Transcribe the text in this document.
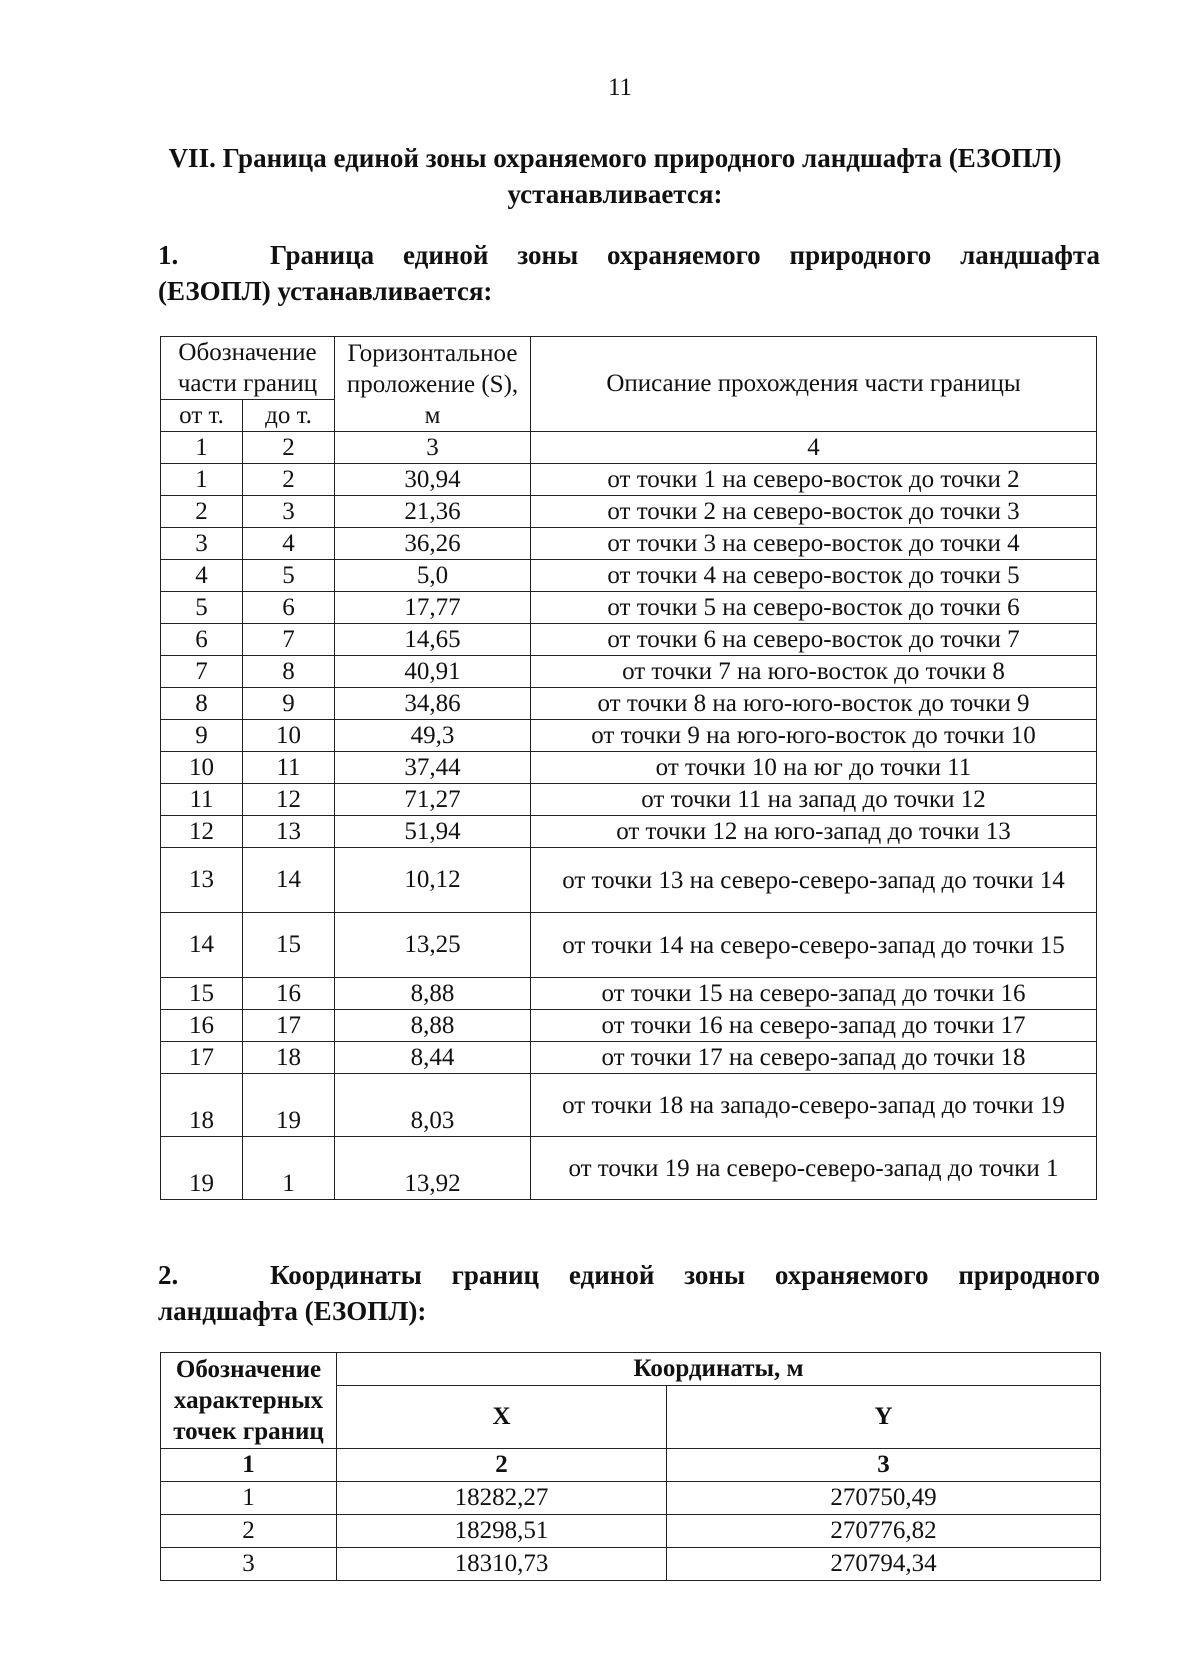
11
VII. Граница единой зоны охраняемого природного ландшафта (ЕЗОПЛ) устанавливается:
1.	Граница единой зоны охраняемого природного ландшафта (ЕЗОПЛ) устанавливается:
Обозначение части границ		Горизонтальное проложение (S), м	Описание прохождения части границы
от т.	до т.		
1	2	3	4
1	2	30,94	от точки 1 на северо-восток до точки 2
2	3	21,36	от точки 2 на северо-восток до точки 3
3	4	36,26	от точки 3 на северо-восток до точки 4
4	5	5,0	от точки 4 на северо-восток до точки 5
5	6	17,77	от точки 5 на северо-восток до точки 6
6	7	14,65	от точки 6 на северо-восток до точки 7
7	8	40,91	от точки 7 на юго-восток до точки 8
8	9	34,86	от точки 8 на юго-юго-восток до точки 9
9	10	49,3	от точки 9 на юго-юго-восток до точки 10
10	11	37,44	от точки 10 на юг до точки 11
11	12	71,27	от точки 11 на запад до точки 12
12	13	51,94	от точки 12 на юго-запад до точки 13
13	14	10,12	от точки 13 на северо-северо-запад до точки 14
14	15	13,25	от точки 14 на северо-северо-запад до точки 15
15	16	8,88	от точки 15 на северо-запад до точки 16
16	17	8,88	от точки 16 на северо-запад до точки 17
17	18	8,44	от точки 17 на северо-запад до точки 18
18	19	8,03	от точки 18 на западо-северо-запад до точки 19
19	1	13,92	от точки 19 на северо-северо-запад до точки 1
2.	Координаты границ единой зоны охраняемого природного ландшафта (ЕЗОПЛ):
Обозначение характерных точек границ	Координаты, м	
	X	Y
1	2	3
1	18282,27	270750,49
2	18298,51	270776,82
3	18310,73	270794,34
